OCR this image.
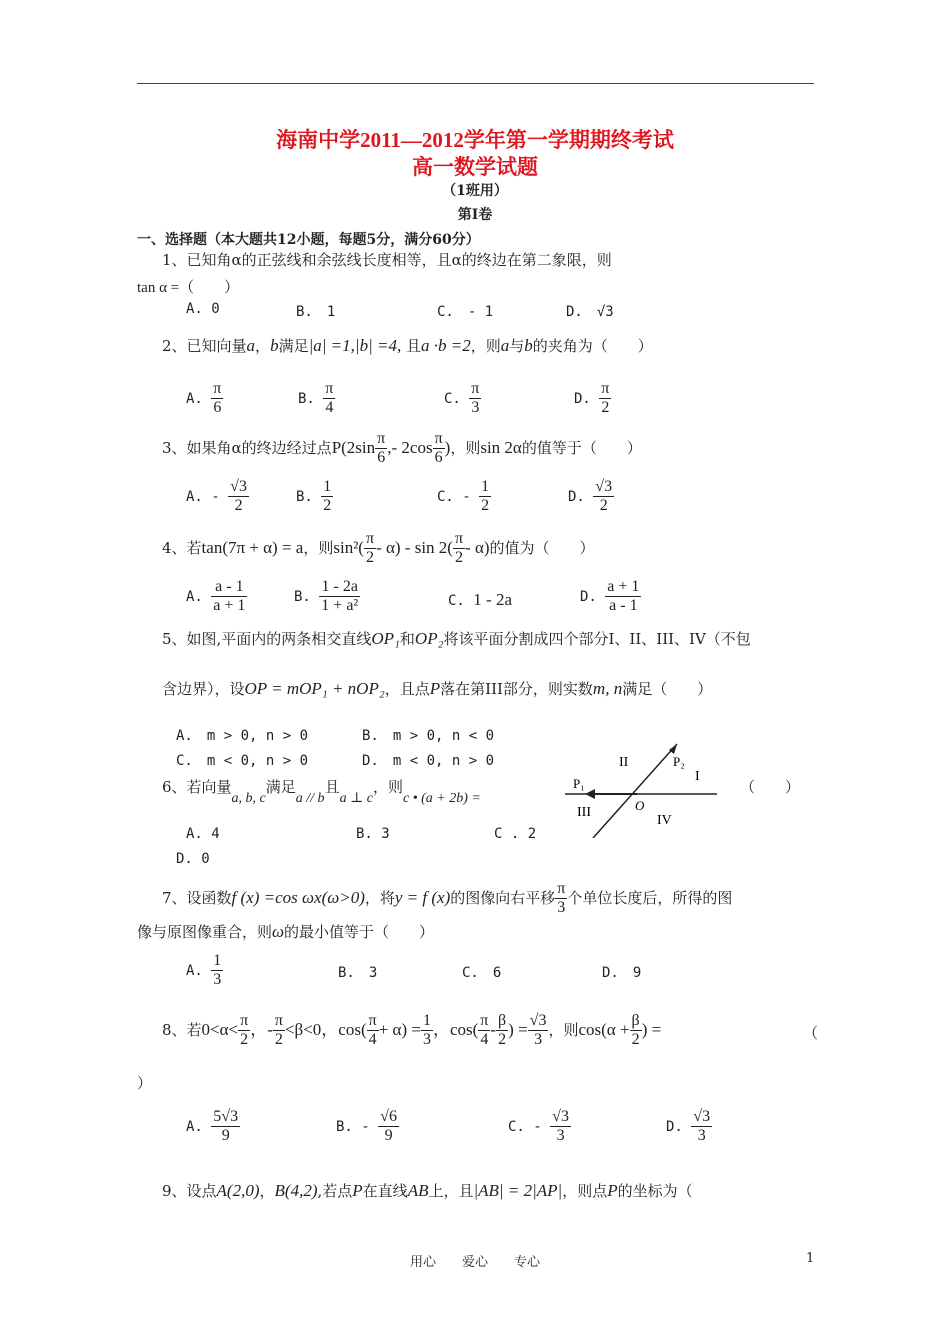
海南中学2011—2012学年第一学期期终考试
高一数学试题
（1班用）
第I卷
一、选择题（本大题共12小题，每题5分，满分60分）
1、已知角α的正弦线和余弦线长度相等，且α的终边在第二象限，则
tan α =（　　）
A. 0	B.　1	C.　- 1	D.　√3
2、已知向量a，b满足|a| =1,|b| =4, 且a ·b =2，则a与b的夹角为（　　）
A. $\frac{\pi}{6}$	B. $\frac{\pi}{4}$	C. $\frac{\pi}{3}$	D. $\frac{\pi}{2}$
3、如果角α的终边经过点$P(2\sin \frac{\pi}{6}$ ,- $2\cos \frac{\pi}{6}$ )，则sin 2α的值等于（　　）
A. - $\frac{√3}{2}$	B. $\frac{1}{2}$	C. - $\frac{1}{2}$	D. $\frac{√3}{2}$
4、若tan(7π + α) = a，则$\sin^2( \frac{\pi}{2} - \alpha)$ - $\sin 2( \frac{\pi}{2} - \alpha)$的值为（　　）
A. $\frac{a - 1}{a + 1}$	B. $\frac{1 - 2a}{\text{1 + a²}}$	C. 1 - 2a	D. $\frac{a + 1}{a - 1}$
5、如图,平面内的两条相交直线OP₁和OP₂将该平面分割成四个部分I、II、III、IV（不包
含边界），设OP = mOP₁ + nOP₂，且点P落在第III部分，则实数m, n满足（　　）
A.　m > 0, n > 0	B.　m > 0, n < 0
C.　m < 0, n > 0	D.　m < 0, n > 0	II
I
III
IV
P₁
P₂
O
6、若向量a, b, c满足a // b且a ⊥ c，则c • (a + 2b) =
（　　）
A. 4	B. 3	C . 2
D. 0
7、设函数f (x) =cos ωx(ω>0)，将y = f (x)的图像向右平移 $\frac{\pi}{3}$ 个单位长度后，所得的图
像与原图像重合，则ω的最小值等于（　　）
A. $\frac{1}{3}$	B.　3	C.　6	D.　9
8、若$0<\alpha< \frac{\pi}{2}$ ，- $\frac{\pi}{2} <\beta<0$，$\cos( \frac{\pi}{4} + \alpha) = \frac{1}{3}$ ，$\cos( \frac{\pi}{4} - \frac{\beta}{2}$ ) = $\frac{√3}{3}$ ，则$\cos(\alpha + \frac{\beta}{2}$ ) =	（
）
A. $\frac{5√3}{9}$	B. - $\frac{√6}{9}$	C. - $\frac{√3}{3}$	D. $\frac{√3}{3}$
9、设点A(2,0)，B(4,2),若点P在直线AB上，且|AB| = 2|AP|，则点P的坐标为（
用心　　爱心　　专心	1
